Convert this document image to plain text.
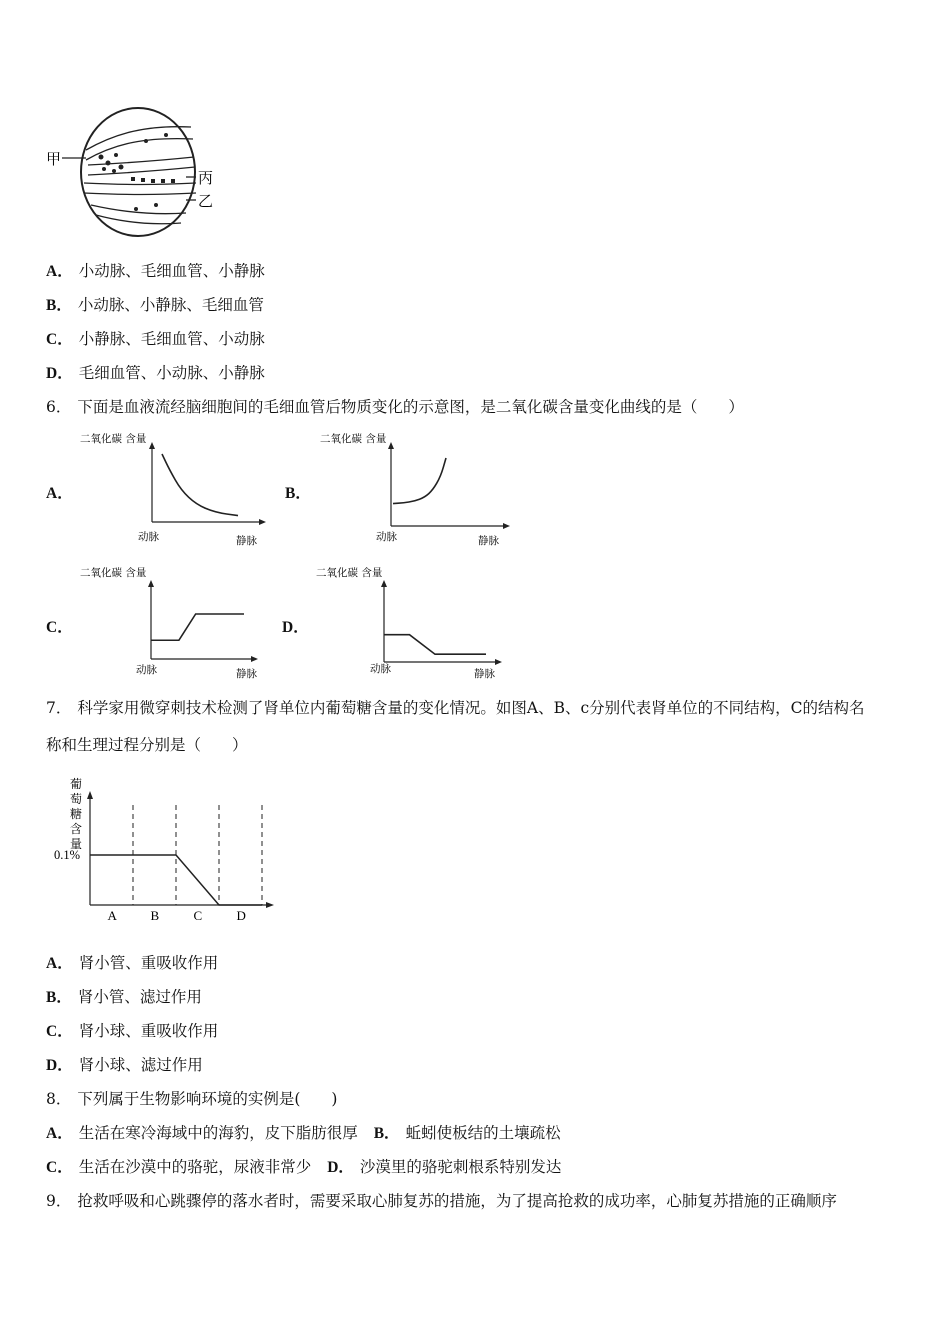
甲
丙
乙
A． 小动脉、毛细血管、小静脉
B． 小动脉、小静脉、毛细血管
C． 小静脉、毛细血管、小动脉
D． 毛细血管、小动脉、小静脉
6． 下面是血液流经脑细胞间的毛细血管后物质变化的示意图，是二氧化碳含量变化曲线的是（　　）
A．	B．
C．	D．
二氧化碳 含量
动脉	静脉
二氧化碳 含量
动脉	静脉
二氧化碳 含量
动脉	静脉
二氧化碳 含量
动脉	静脉
7． 科学家用微穿刺技术检测了肾单位内葡萄糖含量的变化情况。如图A、B、c分别代表肾单位的不同结构，C的结构名
称和生理过程分别是（　　）
葡萄糖含量
0.1%
A	B	C	D
A． 肾小管、重吸收作用
B． 肾小管、滤过作用
C． 肾小球、重吸收作用
D． 肾小球、滤过作用
8． 下列属于生物影响环境的实例是(　　)
A． 生活在寒冷海域中的海豹，皮下脂肪很厚 B． 蚯蚓使板结的土壤疏松
C． 生活在沙漠中的骆驼，尿液非常少 D． 沙漠里的骆驼刺根系特别发达
9． 抢救呼吸和心跳骤停的落水者时，需要采取心肺复苏的措施，为了提高抢救的成功率，心肺复苏措施的正确顺序
